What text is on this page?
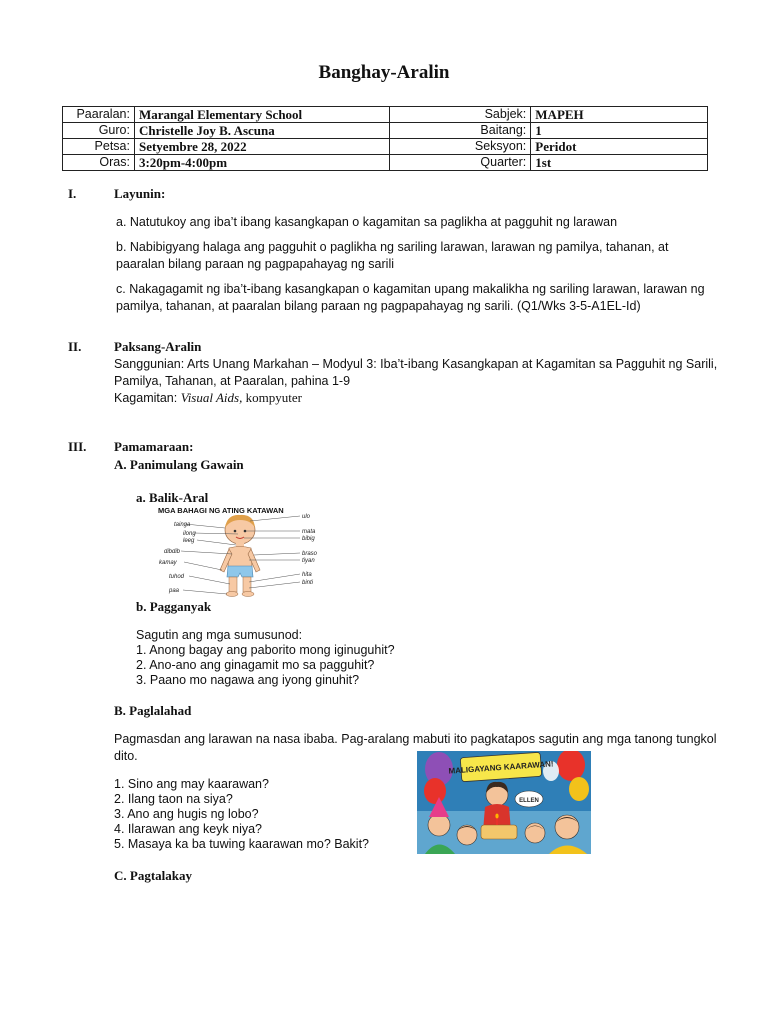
Banghay-Aralin
Paaralan:	Marangal Elementary School	Sabjek:	MAPEH
Guro:	Christelle Joy B. Ascuna	Baitang:	1
Petsa:	Setyembre 28, 2022	Seksyon:	Peridot
Oras:	3:20pm-4:00pm	Quarter:	1st
I.	Layunin:
a. Natutukoy ang iba’t ibang kasangkapan o kagamitan sa paglikha at pagguhit ng larawan
b. Nabibigyang halaga ang pagguhit o paglikha ng sariling larawan, larawan ng pamilya, tahanan, at paaralan bilang paraan ng pagpapahayag ng sarili
c. Nakagagamit ng iba’t-ibang kasangkapan o kagamitan upang makalikha ng sariling larawan, larawan ng pamilya, tahanan, at paaralan bilang paraan ng pagpapahayag ng sarili. (Q1/Wks 3-5-A1EL-Id)
II.	Paksang-Aralin
Sanggunian: Arts Unang Markahan – Modyul 3: Iba’t-ibang Kasangkapan at Kagamitan sa Pagguhit ng Sarili, Pamilya, Tahanan, at Paaralan, pahina 1-9
Kagamitan: Visual Aids, kompyuter
III. Pamamaraan:
A. Panimulang Gawain
a. Balik-Aral
MGA BAHAGI NG ATING KATAWAN
tainga
ilong
leeg
dibdib
kamay
tuhod
paa
ulo
mata
bibig
braso
tiyan
hita
binti
b. Pagganyak
Sagutin ang mga sumusunod:
1. Anong bagay ang paborito mong iginuguhit?
2. Ano-ano ang ginagamit mo sa pagguhit?
3. Paano mo nagawa ang iyong ginuhit?
B. Paglalahad
Pagmasdan ang larawan na nasa ibaba. Pag-aralang mabuti ito pagkatapos sagutin ang mga tanong tungkol dito.
1. Sino ang may kaarawan?
2. Ilang taon na siya?
3. Ano ang hugis ng lobo?
4. Ilarawan ang keyk niya?
5. Masaya ka ba tuwing kaarawan mo? Bakit?
MALIGAYANG KAARAWAN!
ELLEN
C. Pagtalakay
